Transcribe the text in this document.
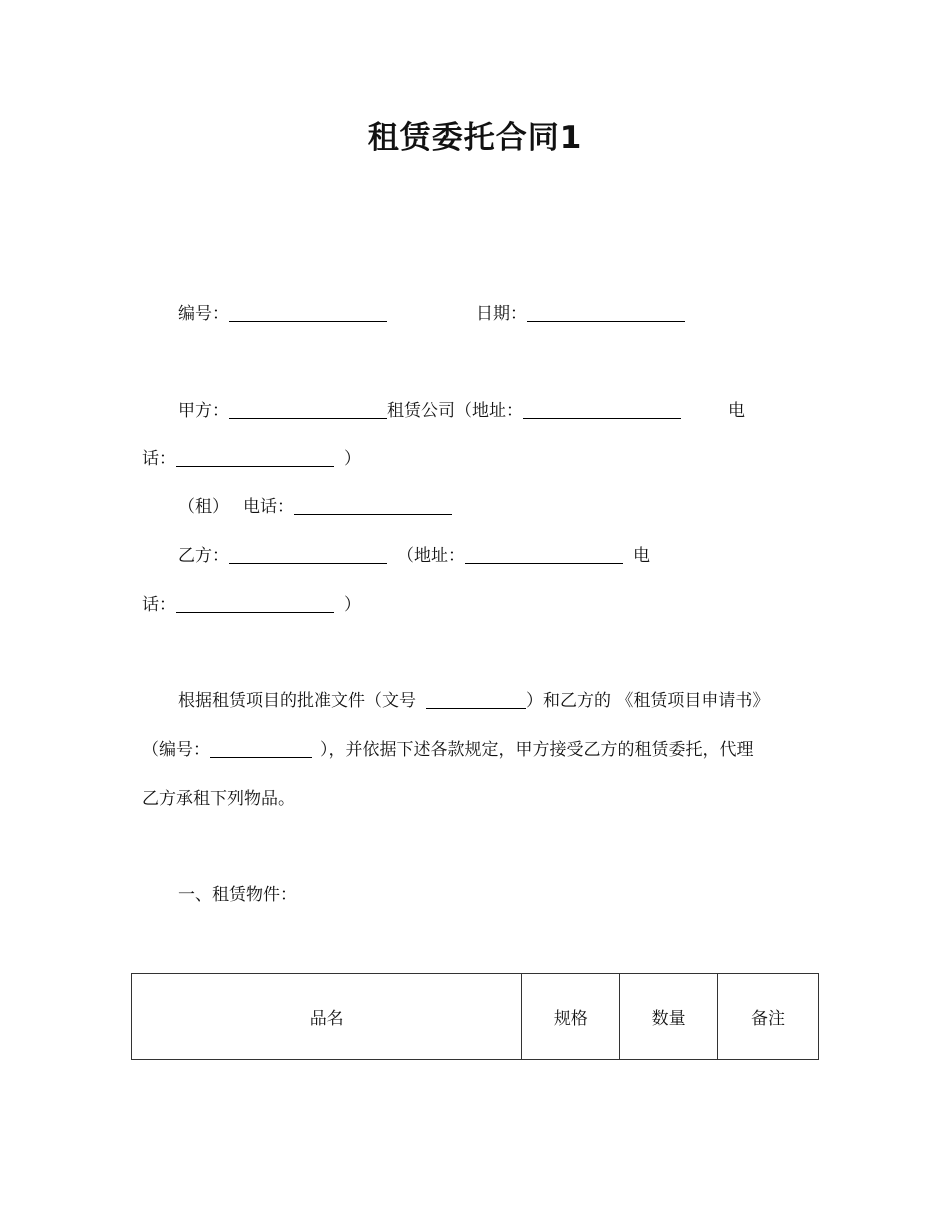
租赁委托合同1
编号：	日期：
甲方：	租赁公司（地址：	电
话：	）
（租） 电话：
乙方：	（地址：	电
话：	）
根据租赁项目的批准文件（文号	）和乙方的 《租赁项目申请书》
（编号：	），并依据下述各款规定，甲方接受乙方的租赁委托，代理
乙方承租下列物品。
一、租赁物件：
品名	规格	数量	备注
